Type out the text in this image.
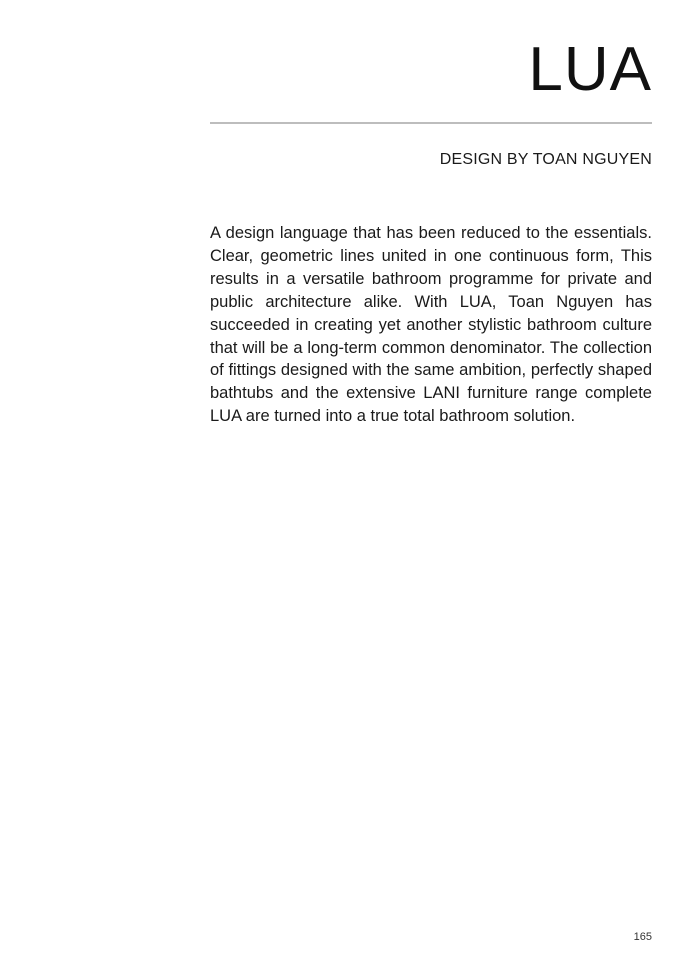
LUA

DESIGN BY TOAN NGUYEN

A design language that has been reduced to the essentials. Clear, geometric lines united in one continuous form, This results in a versatile bathroom programme for private and public architecture alike. With LUA, Toan Nguyen has succeeded in creating yet another stylistic bathroom culture that will be a long-term common denominator. The collection of fittings designed with the same ambition, perfectly shaped bathtubs and the extensive LANI furniture range complete LUA are turned into a true total bathroom solution.

165
